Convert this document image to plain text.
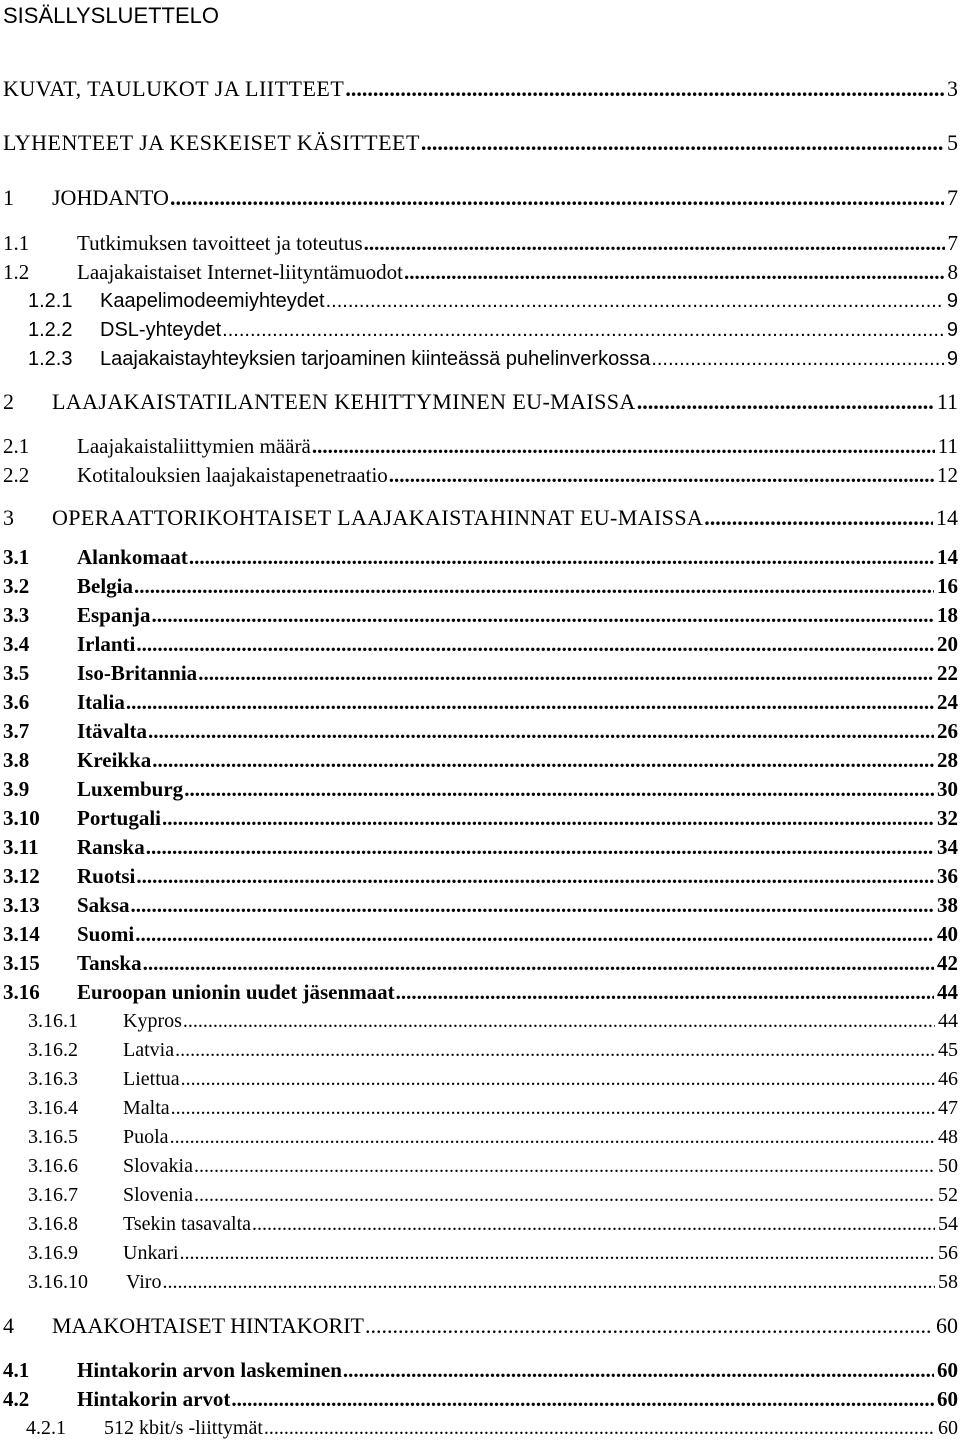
SISÄLLYSLUETTELO
KUVAT, TAULUKOT JA LIITTEET .....	3
LYHENTEET JA KESKEISET KÄSITTEET .....	5
1	JOHDANTO .....	7
1.1	Tutkimuksen tavoitteet ja toteutus .....	7
1.2	Laajakaistaiset Internet-liityntämuodot .....	8
1.2.1	Kaapelimodeemiyhteydet .....	9
1.2.2	DSL-yhteydet .....	9
1.2.3	Laajakaistayhteyksien tarjoaminen kiinteässä puhelinverkossa .....	9
2	LAAJAKAISTATILANTEEN KEHITTYMINEN EU-MAISSA .....	11
2.1	Laajakaistaliittymien määrä .....	11
2.2	Kotitalouksien laajakaistapenetraatio .....	12
3	OPERAATTORIKOHTAISET LAAJAKAISTAHINNAT EU-MAISSA .....	14
3.1	Alankomaat .....	14
3.2	Belgia .....	16
3.3	Espanja .....	18
3.4	Irlanti .....	20
3.5	Iso-Britannia .....	22
3.6	Italia .....	24
3.7	Itävalta .....	26
3.8	Kreikka .....	28
3.9	Luxemburg .....	30
3.10	Portugali .....	32
3.11	Ranska .....	34
3.12	Ruotsi .....	36
3.13	Saksa .....	38
3.14	Suomi .....	40
3.15	Tanska .....	42
3.16	Euroopan unionin uudet jäsenmaat .....	44
3.16.1	Kypros .....	44
3.16.2	Latvia .....	45
3.16.3	Liettua .....	46
3.16.4	Malta .....	47
3.16.5	Puola .....	48
3.16.6	Slovakia .....	50
3.16.7	Slovenia .....	52
3.16.8	Tsekin tasavalta .....	54
3.16.9	Unkari .....	56
3.16.10	Viro .....	58
4	MAAKOHTAISET HINTAKORIT .....	60
4.1	Hintakorin arvon laskeminen .....	60
4.2	Hintakorin arvot .....	60
4.2.1	512 kbit/s -liittymät .....	60
